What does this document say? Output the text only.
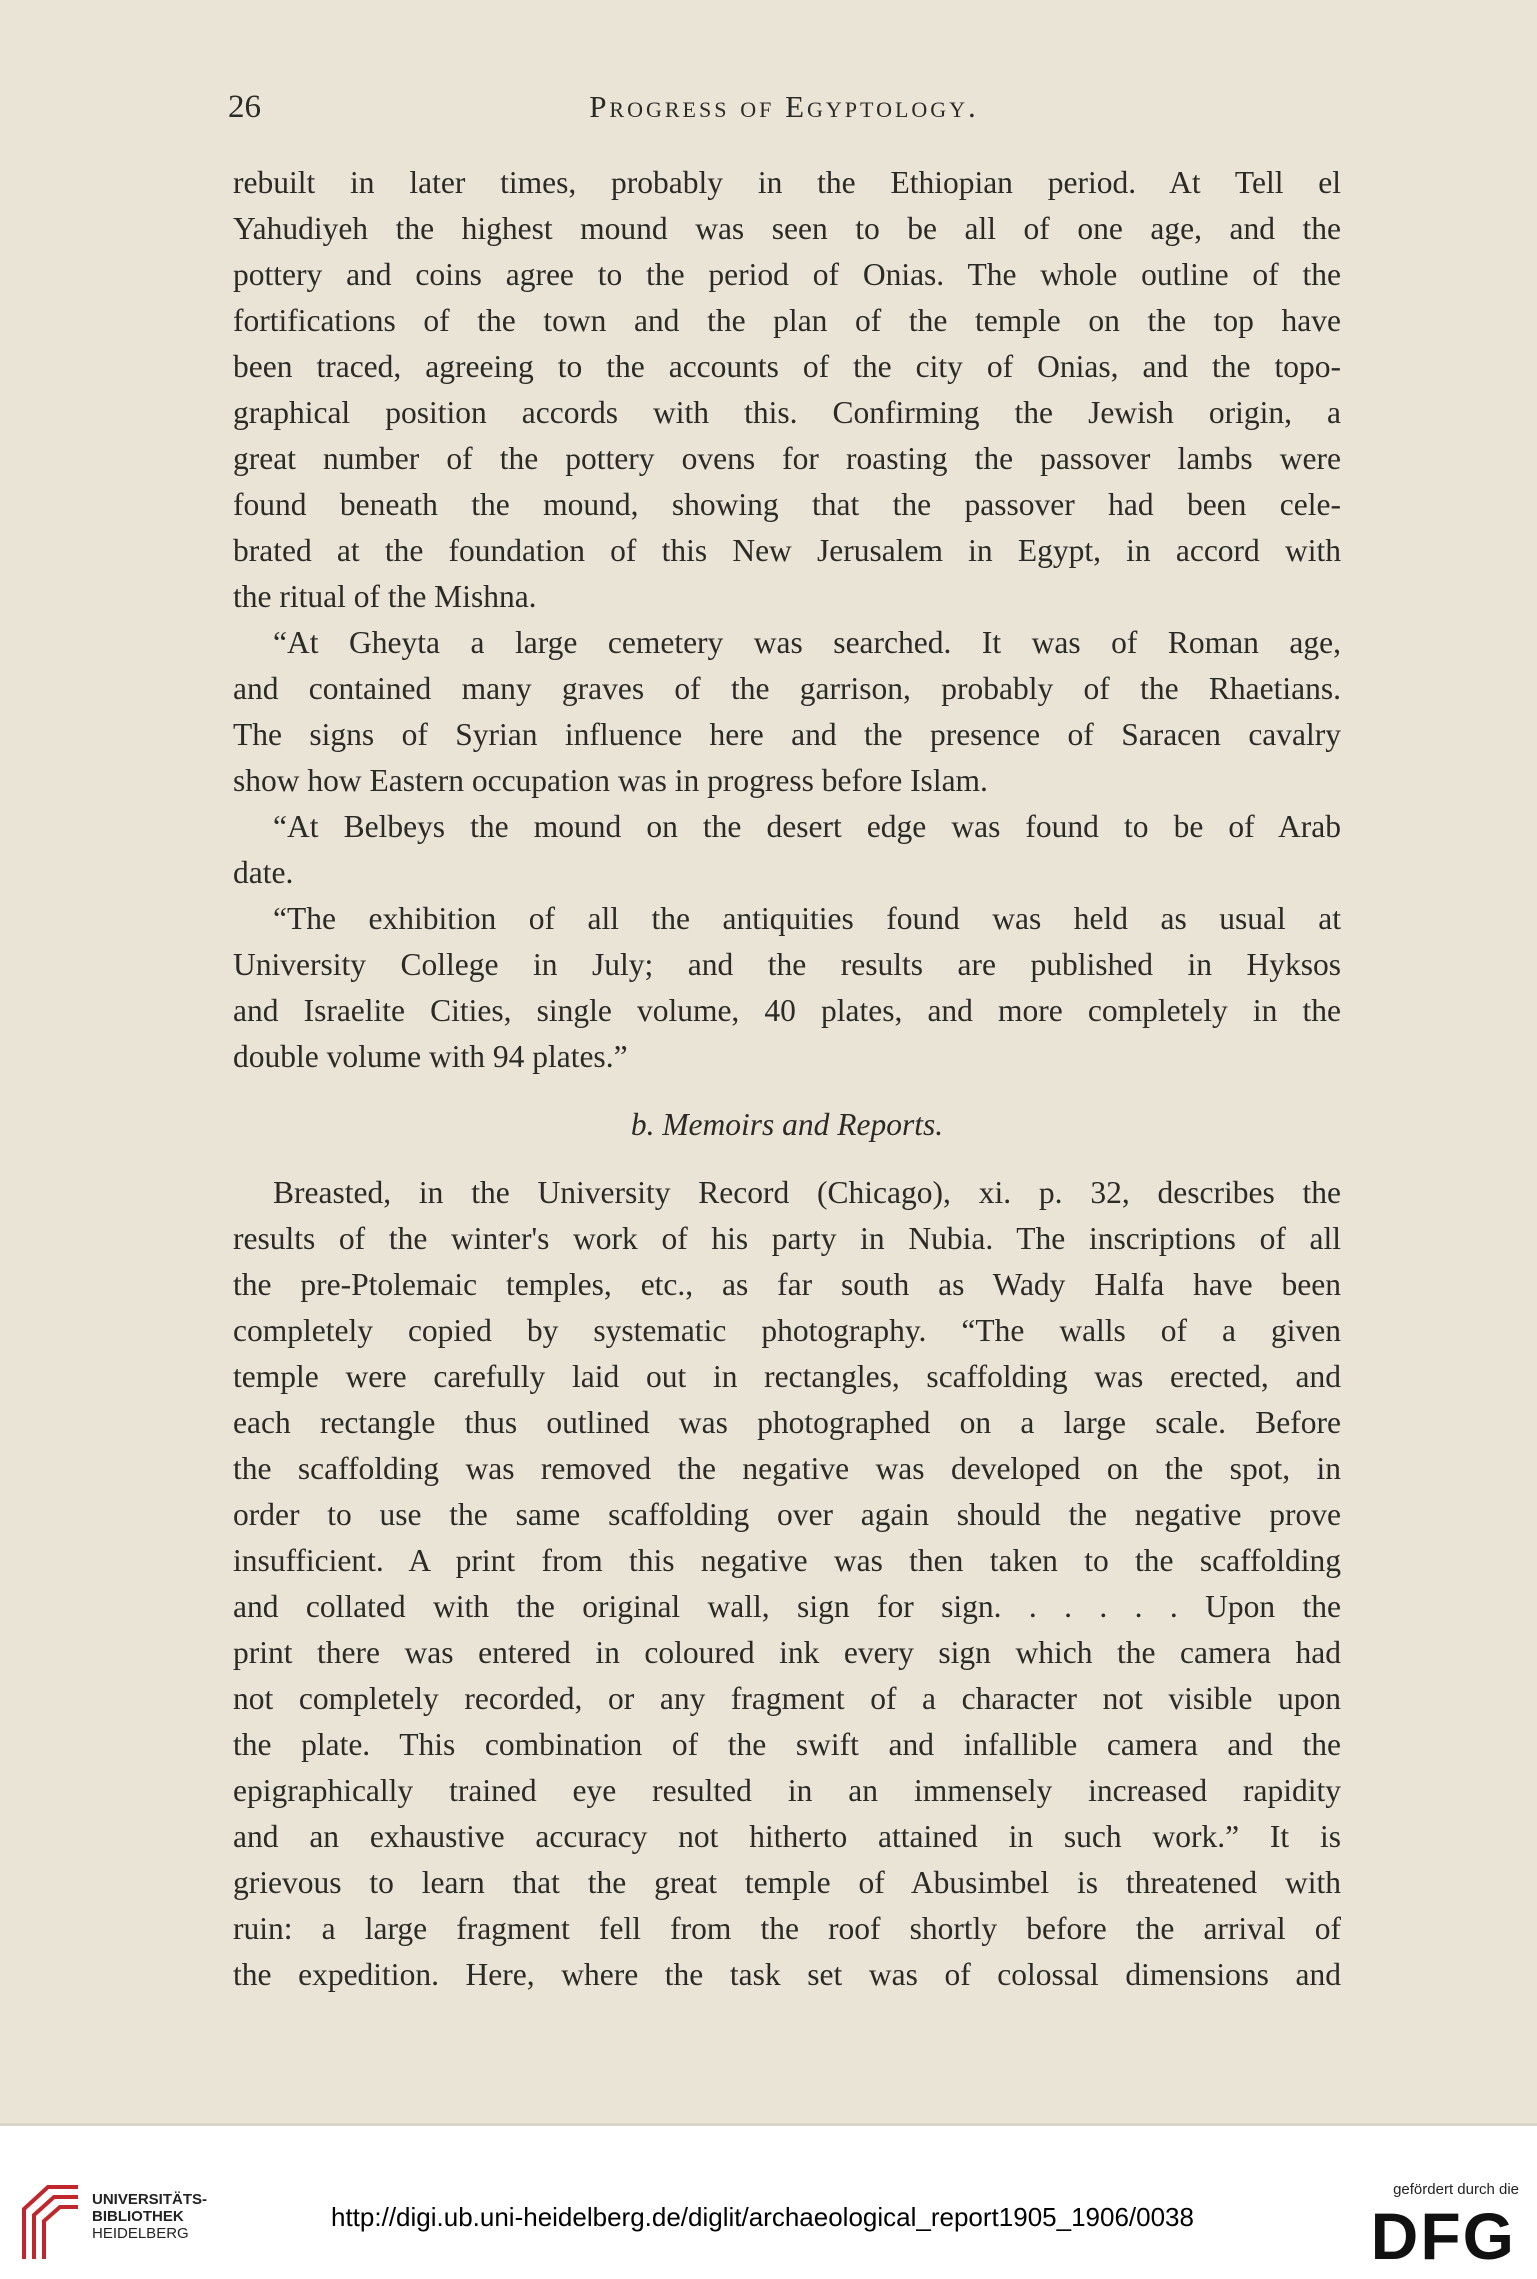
26	Progress of Egyptology.
rebuilt in later times, probably in the Ethiopian period. At Tell el
Yahudiyeh the highest mound was seen to be all of one age, and the
pottery and coins agree to the period of Onias. The whole outline of the
fortifications of the town and the plan of the temple on the top have
been traced, agreeing to the accounts of the city of Onias, and the topo-
graphical position accords with this. Confirming the Jewish origin, a
great number of the pottery ovens for roasting the passover lambs were
found beneath the mound, showing that the passover had been cele-
brated at the foundation of this New Jerusalem in Egypt, in accord with
the ritual of the Mishna.
“At Gheyta a large cemetery was searched. It was of Roman age,
and contained many graves of the garrison, probably of the Rhaetians.
The signs of Syrian influence here and the presence of Saracen cavalry
show how Eastern occupation was in progress before Islam.
“At Belbeys the mound on the desert edge was found to be of Arab
date.
“The exhibition of all the antiquities found was held as usual at
University College in July; and the results are published in Hyksos
and Israelite Cities, single volume, 40 plates, and more completely in the
double volume with 94 plates.”
b. Memoirs and Reports.
Breasted, in the University Record (Chicago), xi. p. 32, describes the
results of the winter's work of his party in Nubia. The inscriptions of all
the pre-Ptolemaic temples, etc., as far south as Wady Halfa have been
completely copied by systematic photography. “The walls of a given
temple were carefully laid out in rectangles, scaffolding was erected, and
each rectangle thus outlined was photographed on a large scale. Before
the scaffolding was removed the negative was developed on the spot, in
order to use the same scaffolding over again should the negative prove
insufficient. A print from this negative was then taken to the scaffolding
and collated with the original wall, sign for sign. . . . . . Upon the
print there was entered in coloured ink every sign which the camera had
not completely recorded, or any fragment of a character not visible upon
the plate. This combination of the swift and infallible camera and the
epigraphically trained eye resulted in an immensely increased rapidity
and an exhaustive accuracy not hitherto attained in such work.” It is
grievous to learn that the great temple of Abusimbel is threatened with
ruin: a large fragment fell from the roof shortly before the arrival of
the expedition. Here, where the task set was of colossal dimensions and
UNIVERSITÄTS-
BIBLIOTHEK
HEIDELBERG
http://digi.ub.uni-heidelberg.de/diglit/archaeological_report1905_1906/0038
gefördert durch die
DFG
